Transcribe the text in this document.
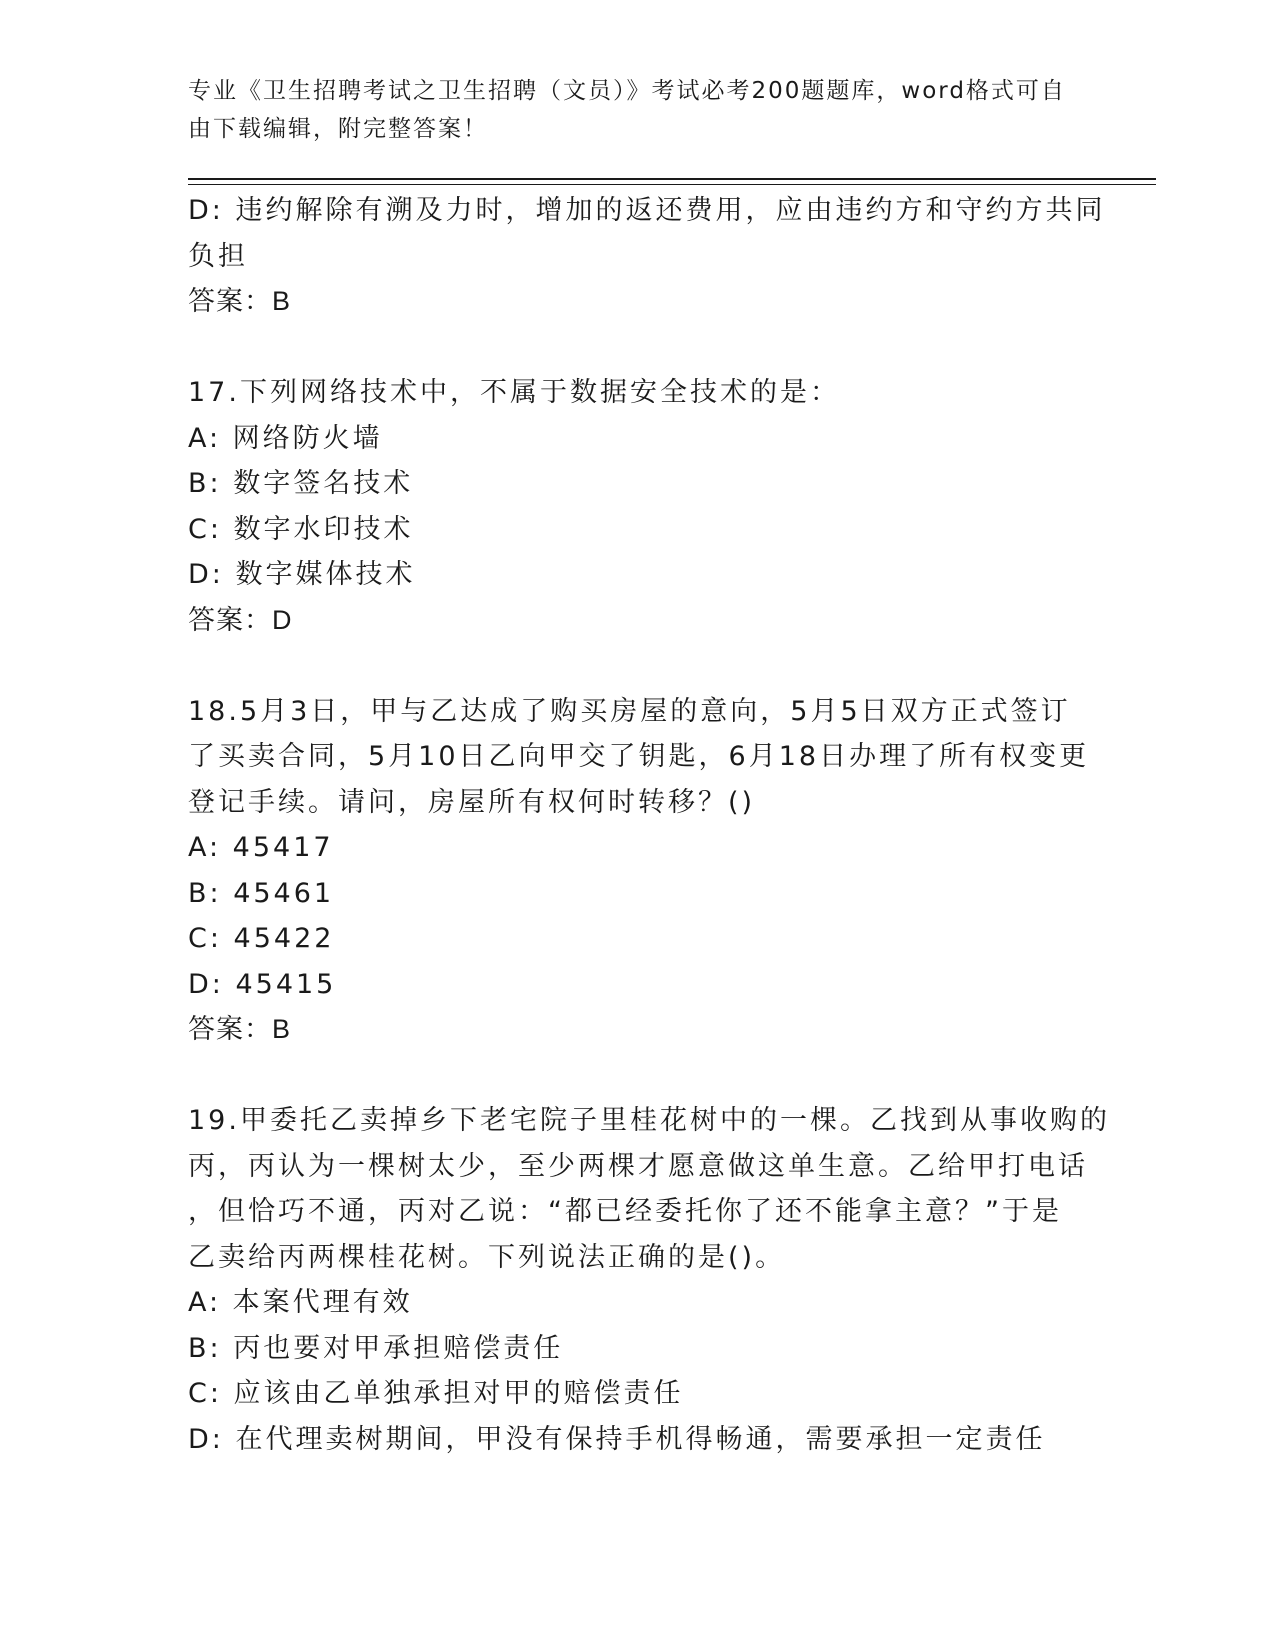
专业《卫生招聘考试之卫生招聘（文员）》考试必考200题题库，word格式可自
由下载编辑，附完整答案！
D: 违约解除有溯及力时，增加的返还费用，应由违约方和守约方共同
负担
答案：B
17.下列网络技术中，不属于数据安全技术的是：
A: 网络防火墙
B: 数字签名技术
C: 数字水印技术
D: 数字媒体技术
答案：D
18.5月3日，甲与乙达成了购买房屋的意向，5月5日双方正式签订
了买卖合同，5月10日乙向甲交了钥匙，6月18日办理了所有权变更
登记手续。请问，房屋所有权何时转移？()
A: 45417
B: 45461
C: 45422
D: 45415
答案：B
19.甲委托乙卖掉乡下老宅院子里桂花树中的一棵。乙找到从事收购的
丙，丙认为一棵树太少，至少两棵才愿意做这单生意。乙给甲打电话
，但恰巧不通，丙对乙说：“都已经委托你了还不能拿主意？”于是
乙卖给丙两棵桂花树。下列说法正确的是()。
A: 本案代理有效
B: 丙也要对甲承担赔偿责任
C: 应该由乙单独承担对甲的赔偿责任
D: 在代理卖树期间，甲没有保持手机得畅通，需要承担一定责任
